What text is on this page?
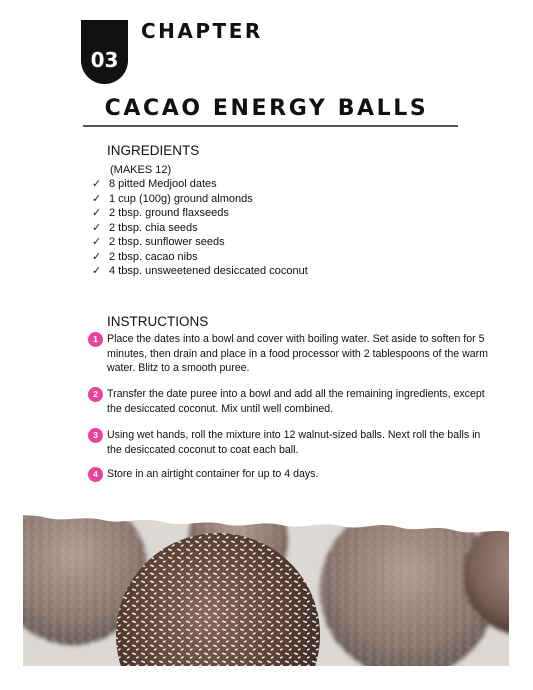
03
CHAPTER
CACAO ENERGY BALLS
INGREDIENTS
(MAKES 12)
✓ 8 pitted Medjool dates
✓ 1 cup (100g) ground almonds
✓ 2 tbsp. ground flaxseeds
✓ 2 tbsp. chia seeds
✓ 2 tbsp. sunflower seeds
✓ 2 tbsp. cacao nibs
✓ 4 tbsp. unsweetened desiccated coconut
INSTRUCTIONS
1 Place the dates into a bowl and cover with boiling water. Set aside to soften for 5 minutes, then drain and place in a food processor with 2 tablespoons of the warm water. Blitz to a smooth puree.
2 Transfer the date puree into a bowl and add all the remaining ingredients, except the desiccated coconut. Mix until well combined.
3 Using wet hands, roll the mixture into 12 walnut-sized balls. Next roll the balls in the desiccated coconut to coat each ball.
4 Store in an airtight container for up to 4 days.
